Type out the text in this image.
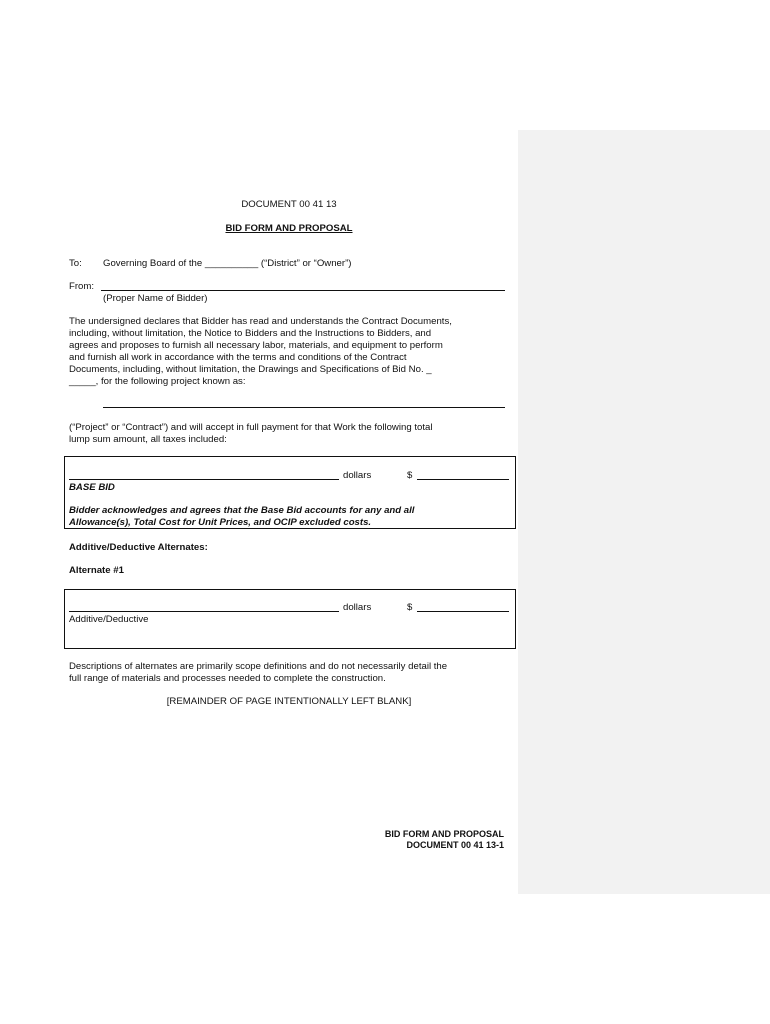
DOCUMENT 00 41 13
BID FORM AND PROPOSAL
To: Governing Board of the __________ (“District” or “Owner”)
From:
(Proper Name of Bidder)
The undersigned declares that Bidder has read and understands the Contract Documents,
including, without limitation, the Notice to Bidders and the Instructions to Bidders, and
agrees and proposes to furnish all necessary labor, materials, and equipment to perform
and furnish all work in accordance with the terms and conditions of the Contract
Documents, including, without limitation, the Drawings and Specifications of Bid No. _
_____, for the following project known as:
(“Project” or “Contract”) and will accept in full payment for that Work the following total
lump sum amount, all taxes included:
dollars	$
BASE BID
Bidder acknowledges and agrees that the Base Bid accounts for any and all
Allowance(s), Total Cost for Unit Prices, and OCIP excluded costs.
Additive/Deductive Alternates:
Alternate #1
dollars	$
Additive/Deductive
Descriptions of alternates are primarily scope definitions and do not necessarily detail the
full range of materials and processes needed to complete the construction.
[REMAINDER OF PAGE INTENTIONALLY LEFT BLANK]
BID FORM AND PROPOSAL
DOCUMENT 00 41 13-1
